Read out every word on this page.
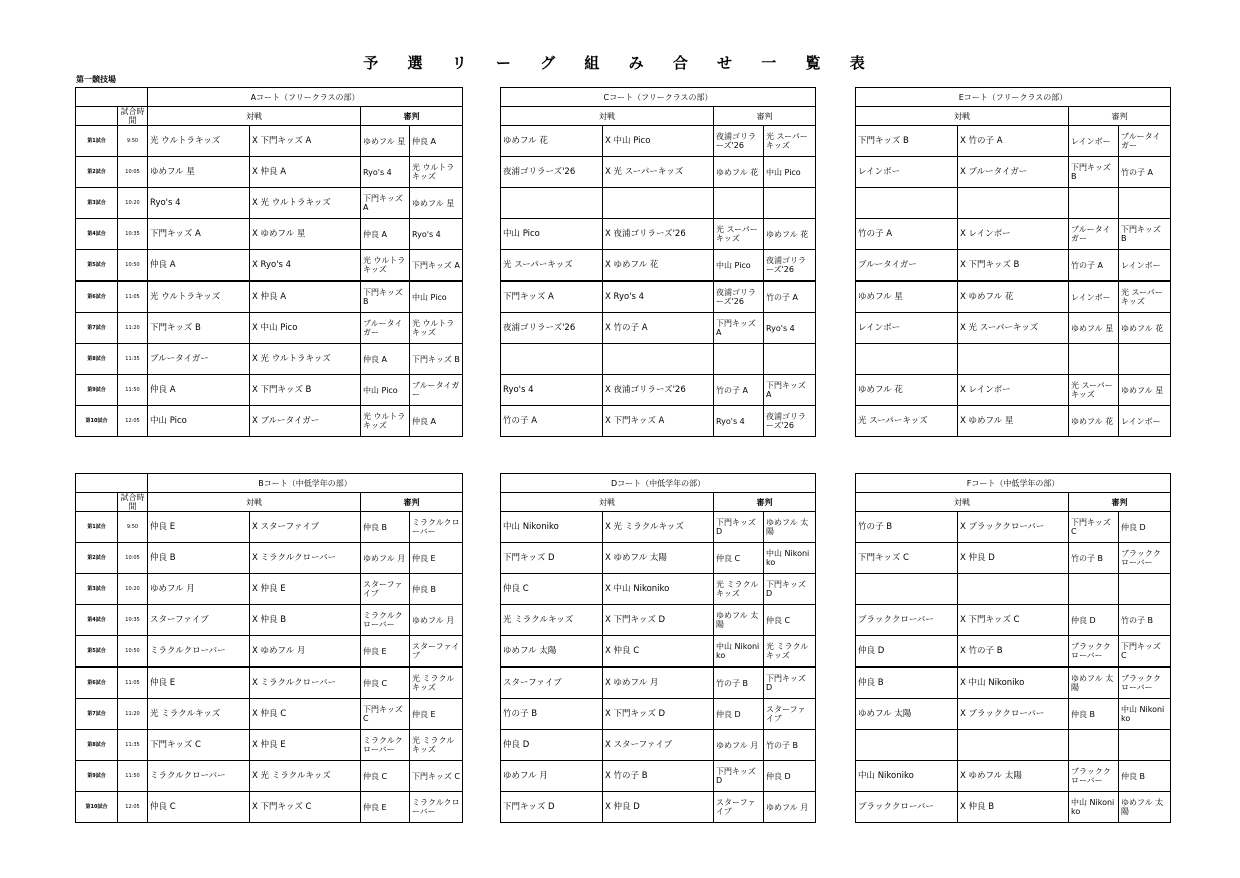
予 選 リ ー グ 組 み 合 せ 一 覧 表
第一競技場
		Aコート（フリークラスの部）			
	試合時間	対戦		審判	
第1試合	9:50	光 ウルトラキッズ	X 下門キッズ A	ゆめフル 星	仲良 A
第2試合	10:05	ゆめフル 星	X 仲良 A	Ryo's 4	光 ウルトラキッズ
第3試合	10:20	Ryo's 4	X 光 ウルトラキッズ	下門キッズ A	ゆめフル 星
第4試合	10:35	下門キッズ A	X ゆめフル 星	仲良 A	Ryo's 4
第5試合	10:50	仲良 A	X Ryo's 4	光 ウルトラキッズ	下門キッズ A
第6試合	11:05	光 ウルトラキッズ	X 仲良 A	下門キッズ B	中山 Pico
第7試合	11:20	下門キッズ B	X 中山 Pico	ブルータイガー	光 ウルトラキッズ
第8試合	11:35	ブルータイガー	X 光 ウルトラキッズ	仲良 A	下門キッズ B
第9試合	11:50	仲良 A	X 下門キッズ B	中山 Pico	ブルータイガー
第10試合	12:05	中山 Pico	X ブルータイガー	光 ウルトラキッズ	仲良 A
		Bコート（中低学年の部）			
	試合時間	対戦		審判	
第1試合	9:50	仲良 E	X スターファイブ	仲良 B	ミラクルクローバー
第2試合	10:05	仲良 B	X ミラクルクローバー	ゆめフル 月	仲良 E
第3試合	10:20	ゆめフル 月	X 仲良 E	スターファイブ	仲良 B
第4試合	10:35	スターファイブ	X 仲良 B	ミラクルクローバー	ゆめフル 月
第5試合	10:50	ミラクルクローバー	X ゆめフル 月	仲良 E	スターファイブ
第6試合	11:05	仲良 E	X ミラクルクローバー	仲良 C	光 ミラクルキッズ
第7試合	11:20	光 ミラクルキッズ	X 仲良 C	下門キッズ C	仲良 E
第8試合	11:35	下門キッズ C	X 仲良 E	ミラクルクローバー	光 ミラクルキッズ
第9試合	11:50	ミラクルクローバー	X 光 ミラクルキッズ	仲良 C	下門キッズ C
第10試合	12:05	仲良 C	X 下門キッズ C	仲良 E	ミラクルクローバー
Cコート（フリークラスの部）			
対戦		審判	
ゆめフル 花	X 中山 Pico	夜浦ゴリラーズ'26	光 スーパーキッズ
夜浦ゴリラーズ'26	X 光 スーパーキッズ	ゆめフル 花	中山 Pico

中山 Pico	X 夜浦ゴリラーズ'26	光 スーパーキッズ	ゆめフル 花
光 スーパーキッズ	X ゆめフル 花	中山 Pico	夜浦ゴリラーズ'26
下門キッズ A	X Ryo's 4	夜浦ゴリラーズ'26	竹の子 A
夜浦ゴリラーズ'26	X 竹の子 A	下門キッズ A	Ryo's 4

Ryo's 4	X 夜浦ゴリラーズ'26	竹の子 A	下門キッズ A
竹の子 A	X 下門キッズ A	Ryo's 4	夜浦ゴリラーズ'26
Dコート（中低学年の部）			
対戦		審判	
中山 Nikoniko	X 光 ミラクルキッズ	下門キッズ D	ゆめフル 太陽
下門キッズ D	X ゆめフル 太陽	仲良 C	中山 Nikoniko
仲良 C	X 中山 Nikoniko	光 ミラクルキッズ	下門キッズ D
光 ミラクルキッズ	X 下門キッズ D	ゆめフル 太陽	仲良 C
ゆめフル 太陽	X 仲良 C	中山 Nikoniko	光 ミラクルキッズ
スターファイブ	X ゆめフル 月	竹の子 B	下門キッズ D
竹の子 B	X 下門キッズ D	仲良 D	スターファイブ
仲良 D	X スターファイブ	ゆめフル 月	竹の子 B
ゆめフル 月	X 竹の子 B	下門キッズ D	仲良 D
下門キッズ D	X 仲良 D	スターファイブ	ゆめフル 月
Eコート（フリークラスの部）			
対戦		審判	
下門キッズ B	X 竹の子 A	レインボー	ブルータイガー
レインボー	X ブルータイガー	下門キッズ B	竹の子 A

竹の子 A	X レインボー	ブルータイガー	下門キッズ B
ブルータイガー	X 下門キッズ B	竹の子 A	レインボー
ゆめフル 星	X ゆめフル 花	レインボー	光 スーパーキッズ
レインボー	X 光 スーパーキッズ	ゆめフル 星	ゆめフル 花

ゆめフル 花	X レインボー	光 スーパーキッズ	ゆめフル 星
光 スーパーキッズ	X ゆめフル 星	ゆめフル 花	レインボー
Fコート（中低学年の部）			
対戦		審判	
竹の子 B	X ブラッククローバー	下門キッズ C	仲良 D
下門キッズ C	X 仲良 D	竹の子 B	ブラッククローバー

ブラッククローバー	X 下門キッズ C	仲良 D	竹の子 B
仲良 D	X 竹の子 B	ブラッククローバー	下門キッズ C
仲良 B	X 中山 Nikoniko	ゆめフル 太陽	ブラッククローバー
ゆめフル 太陽	X ブラッククローバー	仲良 B	中山 Nikoniko

中山 Nikoniko	X ゆめフル 太陽	ブラッククローバー	仲良 B
ブラッククローバー	X 仲良 B	中山 Nikoniko	ゆめフル 太陽
